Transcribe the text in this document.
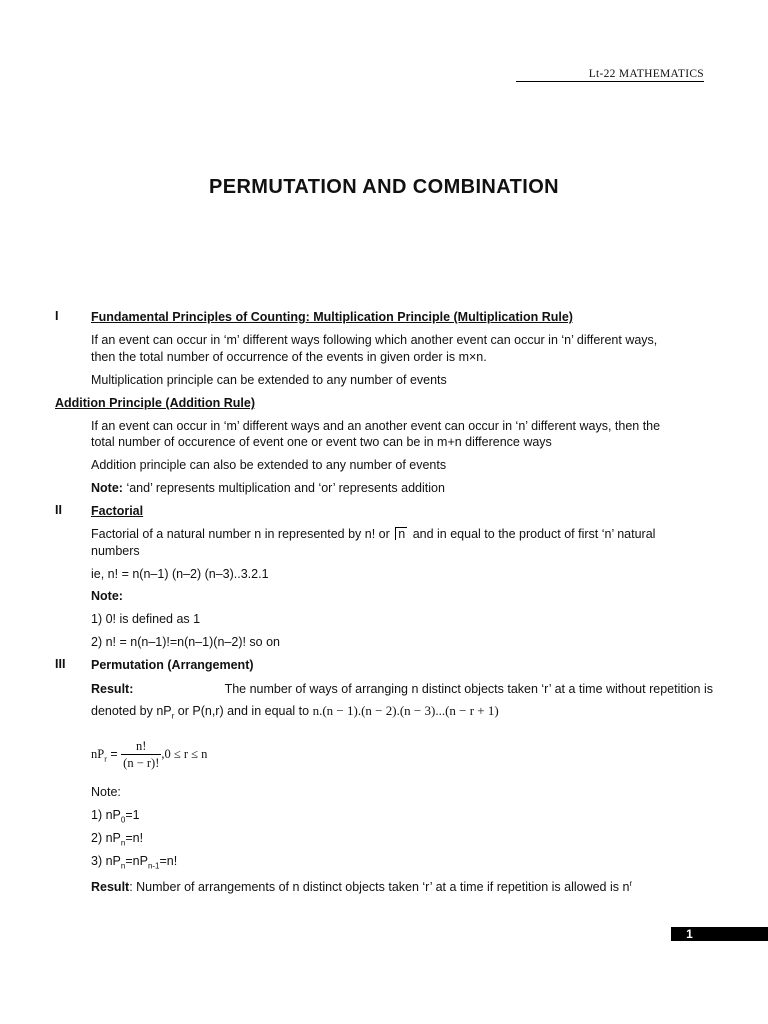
Lt-22 MATHEMATICS
PERMUTATION AND COMBINATION
I	Fundamental Principles of Counting: Multiplication Principle (Multiplication Rule)
If an event can occur in ‘m’ different ways following which another event can occur in ‘n’ different ways,
then the total number of occurrence of the events in given order is m×n.
Multiplication principle can be extended to any number of events
Addition Principle (Addition Rule)
If an event can occur in ‘m’ different ways and an another event can occur in ‘n’ different ways, then the
total number of occurence of event one or event two can be in m+n difference ways
Addition principle can also be extended to any number of events
Note: ‘and’ represents multiplication and ‘or’ represents addition
II Factorial
Factorial of a natural number n in represented by n! or n and in equal to the product of first ‘n’ natural
numbers
ie, n! = n(n–1) (n–2) (n–3)..3.2.1
Note:
1) 0! is defined as 1
2) n! = n(n–1)!=n(n–1)(n–2)! so on
III Permutation (Arrangement)
Result:	The number of ways of arranging n distinct objects taken ‘r’ at a time without repetition is
denoted by $nP_r$ or P(n,r) and in equal to n.(n − 1).(n − 2).(n − 3)...(n − r + 1)
$nP_r = \frac{n!}{(n - r)!} ,0 \le r \le n$
Note:
1) $nP_0=1$
2) $nP_n=n$!
3) $nP_n=nP_{n-1}=n$!
Result: Number of arrangements of n distinct objects taken ‘r’ at a time if repetition is allowed is $n^r$
1
